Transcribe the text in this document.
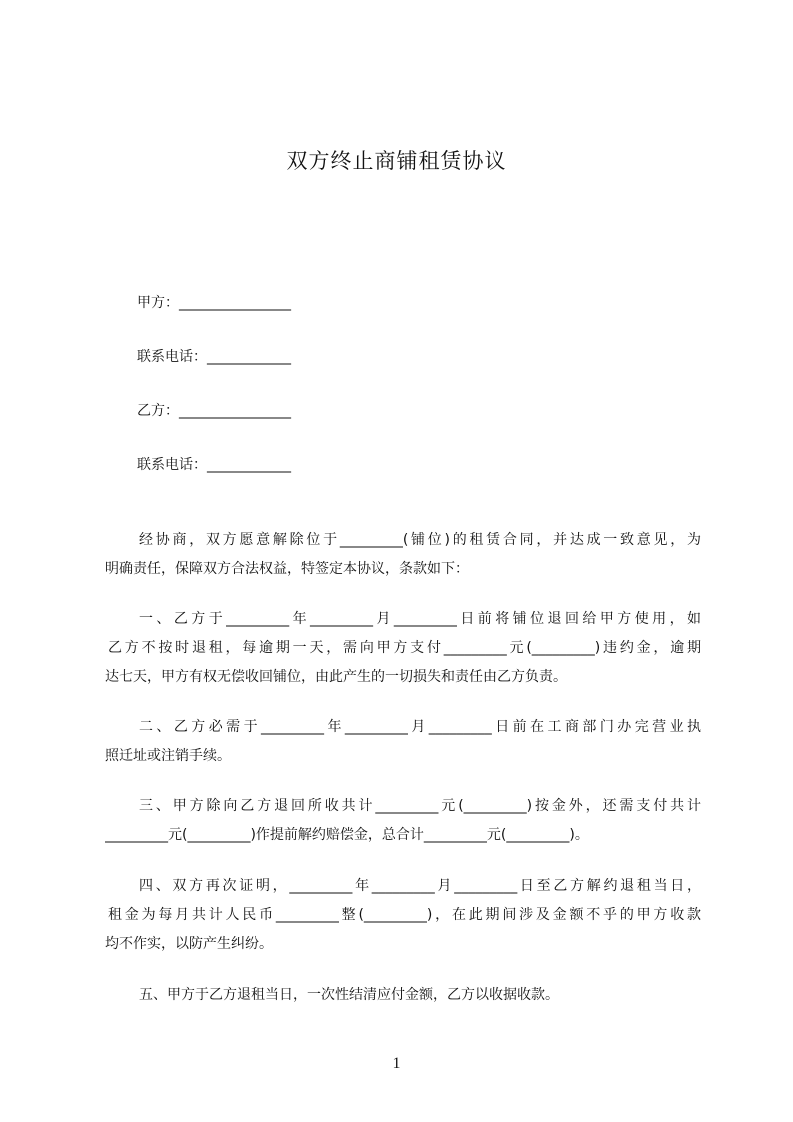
双方终止商铺租赁协议
甲方：________________
联系电话：____________
乙方：________________
联系电话：____________
经协商，双方愿意解除位于_________(铺位)的租赁合同，并达成一致意见，为
明确责任，保障双方合法权益，特签定本协议，条款如下：
一、乙方于_________年_________月_________日前将铺位退回给甲方使用，如
乙方不按时退租，每逾期一天，需向甲方支付_________元(_________)违约金，逾期
达七天，甲方有权无偿收回铺位，由此产生的一切损失和责任由乙方负责。
二、乙方必需于_________年_________月_________日前在工商部门办完营业执
照迁址或注销手续。
三、甲方除向乙方退回所收共计_________元(_________)按金外，还需支付共计
_________元(_________)作提前解约赔偿金，总合计_________元(_________)。
四、双方再次证明，_________年_________月_________日至乙方解约退租当日，
租金为每月共计人民币_________整(_________)，在此期间涉及金额不乎的甲方收款
均不作实，以防产生纠纷。
五、甲方于乙方退租当日，一次性结清应付金额，乙方以收据收款。
1
